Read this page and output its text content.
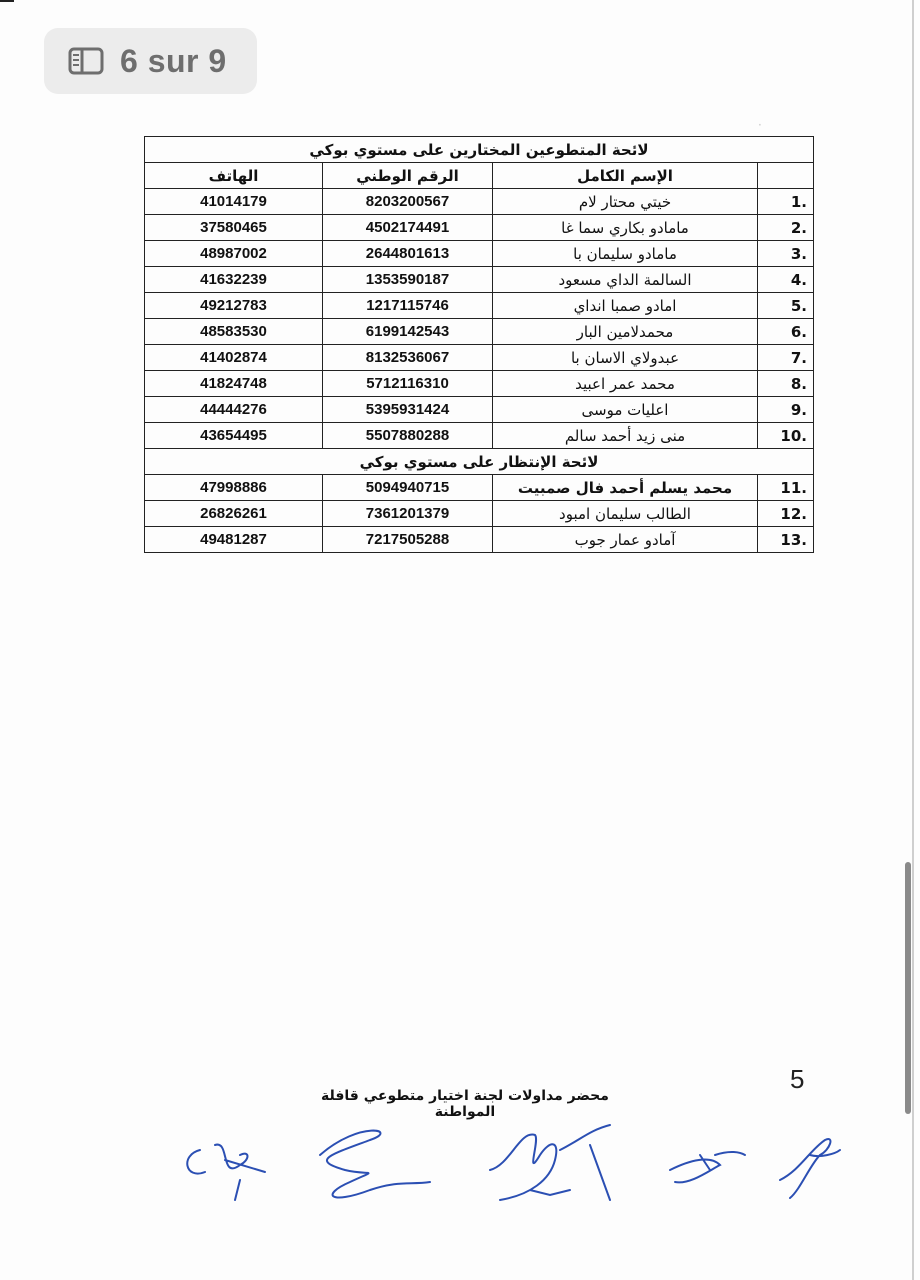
6 sur 9
·
لائحة المتطوعين المختارين على مستوي بوكي			
	الإسم الكامل	الرقم الوطني	الهاتف
1.	خيتي محتار لام	8203200567	41014179
2.	مامادو بكاري سما غا	4502174491	37580465
3.	مامادو سليمان با	2644801613	48987002
4.	السالمة الداي مسعود	1353590187	41632239
5.	امادو صمبا انداي	1217115746	49212783
6.	محمدلامين البار	6199142543	48583530
7.	عبدولاي الاسان با	8132536067	41402874
8.	محمد عمر اعبيد	5712116310	41824748
9.	اعليات موسى	5395931424	44444276
10.	منى زيد أحمد سالم	5507880288	43654495
لائحة الإنتظار على مستوي بوكي			
11.	محمد يسلم أحمد فال صمبيت	5094940715	47998886
12.	الطالب سليمان امبود	7361201379	26826261
13.	آمادو عمار جوب	7217505288	49481287
5
محضر مداولات لجنة اختيار متطوعي قافلة المواطنة
